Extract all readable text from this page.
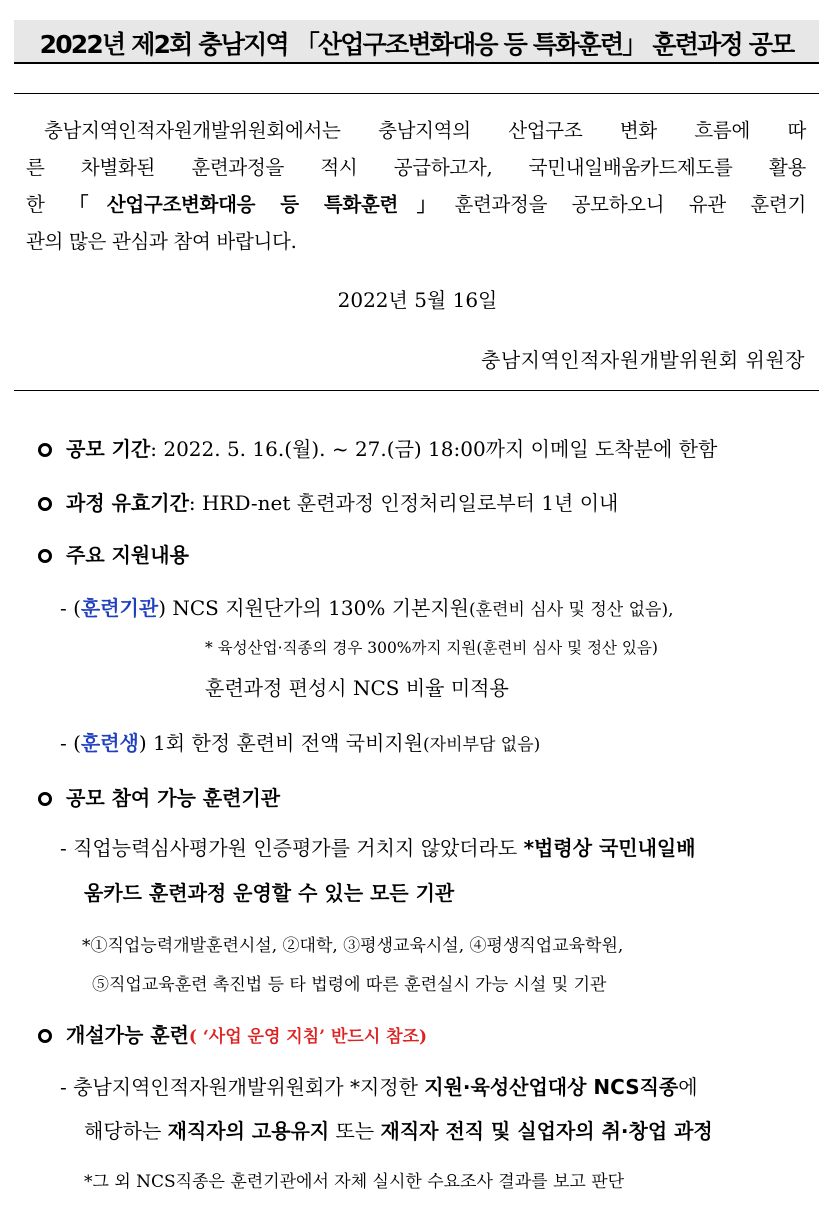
2022년 제2회 충남지역 「산업구조변화대응 등 특화훈련」 훈련과정 공모
충남지역인적자원개발위원회에서는 충남지역의 산업구조 변화 흐름에 따
른 차별화된 훈련과정을 적시 공급하고자, 국민내일배움카드제도를 활용
한 「산업구조변화대응 등 특화훈련」훈련과정을 공모하오니 유관 훈련기
관의 많은 관심과 참여 바랍니다.
2022년 5월 16일
충남지역인적자원개발위원회 위원장
공모 기간: 2022. 5. 16.(월). ~ 27.(금) 18:00까지 이메일 도착분에 한함
과정 유효기간: HRD-net 훈련과정 인정처리일로부터 1년 이내
주요 지원내용
- (훈련기관) NCS 지원단가의 130% 기본지원(훈련비 심사 및 정산 없음),
* 육성산업·직종의 경우 300%까지 지원(훈련비 심사 및 정산 있음)
훈련과정 편성시 NCS 비율 미적용
- (훈련생) 1회 한정 훈련비 전액 국비지원(자비부담 없음)
공모 참여 가능 훈련기관
- 직업능력심사평가원 인증평가를 거치지 않았더라도 *법령상 국민내일배
움카드 훈련과정 운영할 수 있는 모든 기관
*①직업능력개발훈련시설, ②대학, ③평생교육시설, ④평생직업교육학원,
⑤직업교육훈련 촉진법 등 타 법령에 따른 훈련실시 가능 시설 및 기관
개설가능 훈련( ‘사업 운영 지침’ 반드시 참조)
- 충남지역인적자원개발위원회가 *지정한 지원·육성산업대상 NCS직종에
해당하는 재직자의 고용유지 또는 재직자 전직 및 실업자의 취·창업 과정
*그 외 NCS직종은 훈련기관에서 자체 실시한 수요조사 결과를 보고 판단
